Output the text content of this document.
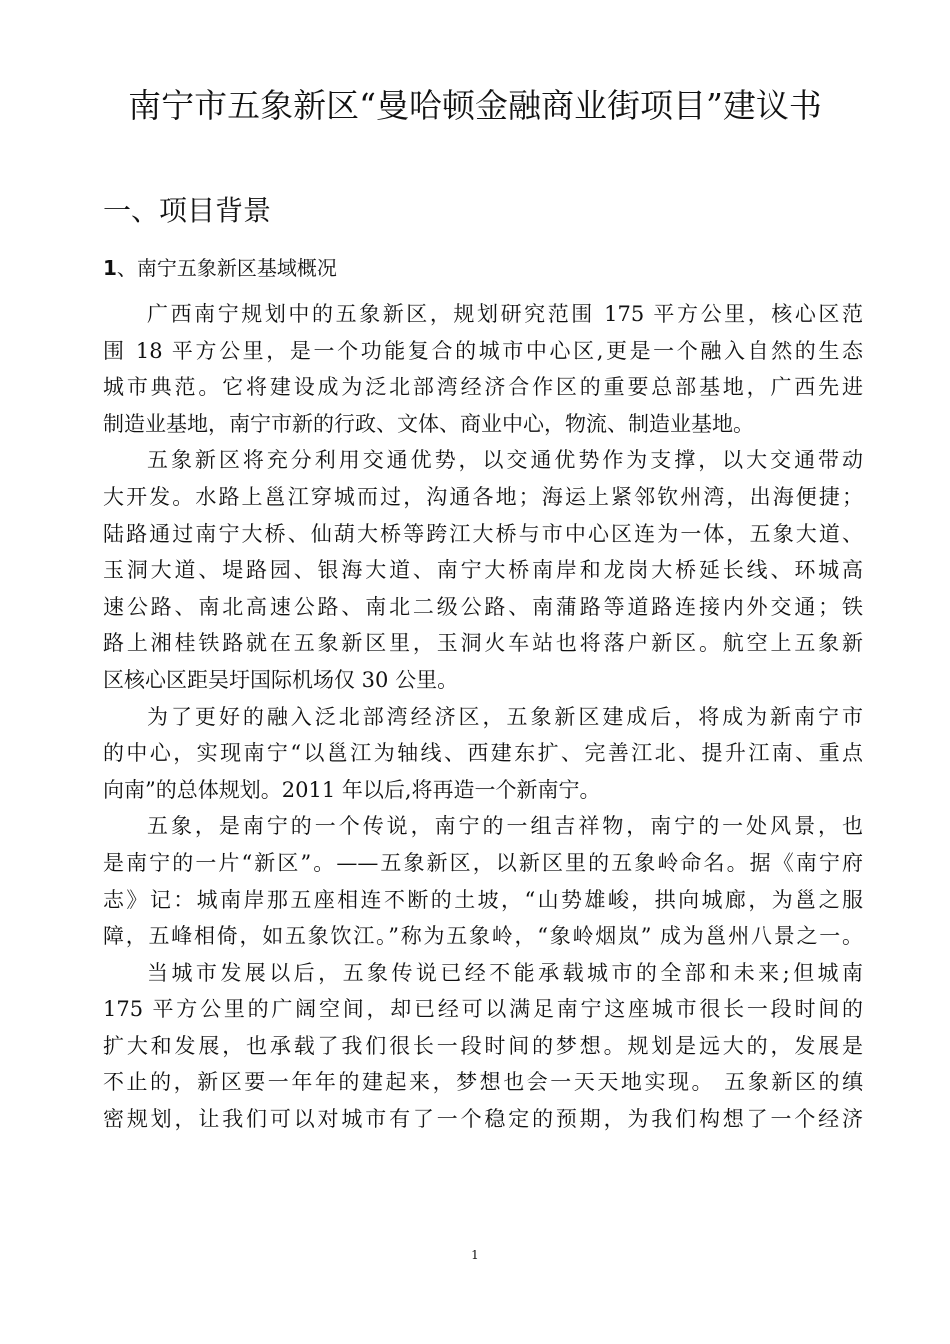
南宁市五象新区“曼哈顿金融商业街项目”建议书
一、项目背景
1、南宁五象新区基域概况
广西南宁规划中的五象新区，规划研究范围 175 平方公里，核心区范
围 18 平方公里，是一个功能复合的城市中心区,更是一个融入自然的生态
城市典范。它将建设成为泛北部湾经济合作区的重要总部基地，广西先进
制造业基地，南宁市新的行政、文体、商业中心，物流、制造业基地。
五象新区将充分利用交通优势，以交通优势作为支撑，以大交通带动
大开发。水路上邕江穿城而过，沟通各地；海运上紧邻钦州湾，出海便捷；
陆路通过南宁大桥、仙葫大桥等跨江大桥与市中心区连为一体，五象大道、
玉洞大道、堤路园、银海大道、南宁大桥南岸和龙岗大桥延长线、环城高
速公路、南北高速公路、南北二级公路、南蒲路等道路连接内外交通；铁
路上湘桂铁路就在五象新区里，玉洞火车站也将落户新区。航空上五象新
区核心区距吴圩国际机场仅 30 公里。
为了更好的融入泛北部湾经济区，五象新区建成后，将成为新南宁市
的中心，实现南宁“以邕江为轴线、西建东扩、完善江北、提升江南、重点
向南”的总体规划。2011 年以后,将再造一个新南宁。
五象，是南宁的一个传说，南宁的一组吉祥物，南宁的一处风景，也
是南宁的一片“新区”。——五象新区，以新区里的五象岭命名。据《南宁府
志》记：城南岸那五座相连不断的土坡，“山势雄峻，拱向城廊，为邕之服
障，五峰相倚，如五象饮江。”称为五象岭，“象岭烟岚” 成为邕州八景之一。
当城市发展以后，五象传说已经不能承载城市的全部和未来;但城南
175 平方公里的广阔空间，却已经可以满足南宁这座城市很长一段时间的
扩大和发展，也承载了我们很长一段时间的梦想。规划是远大的，发展是
不止的，新区要一年年的建起来，梦想也会一天天地实现。 五象新区的缜
密规划，让我们可以对城市有了一个稳定的预期，为我们构想了一个经济
1
